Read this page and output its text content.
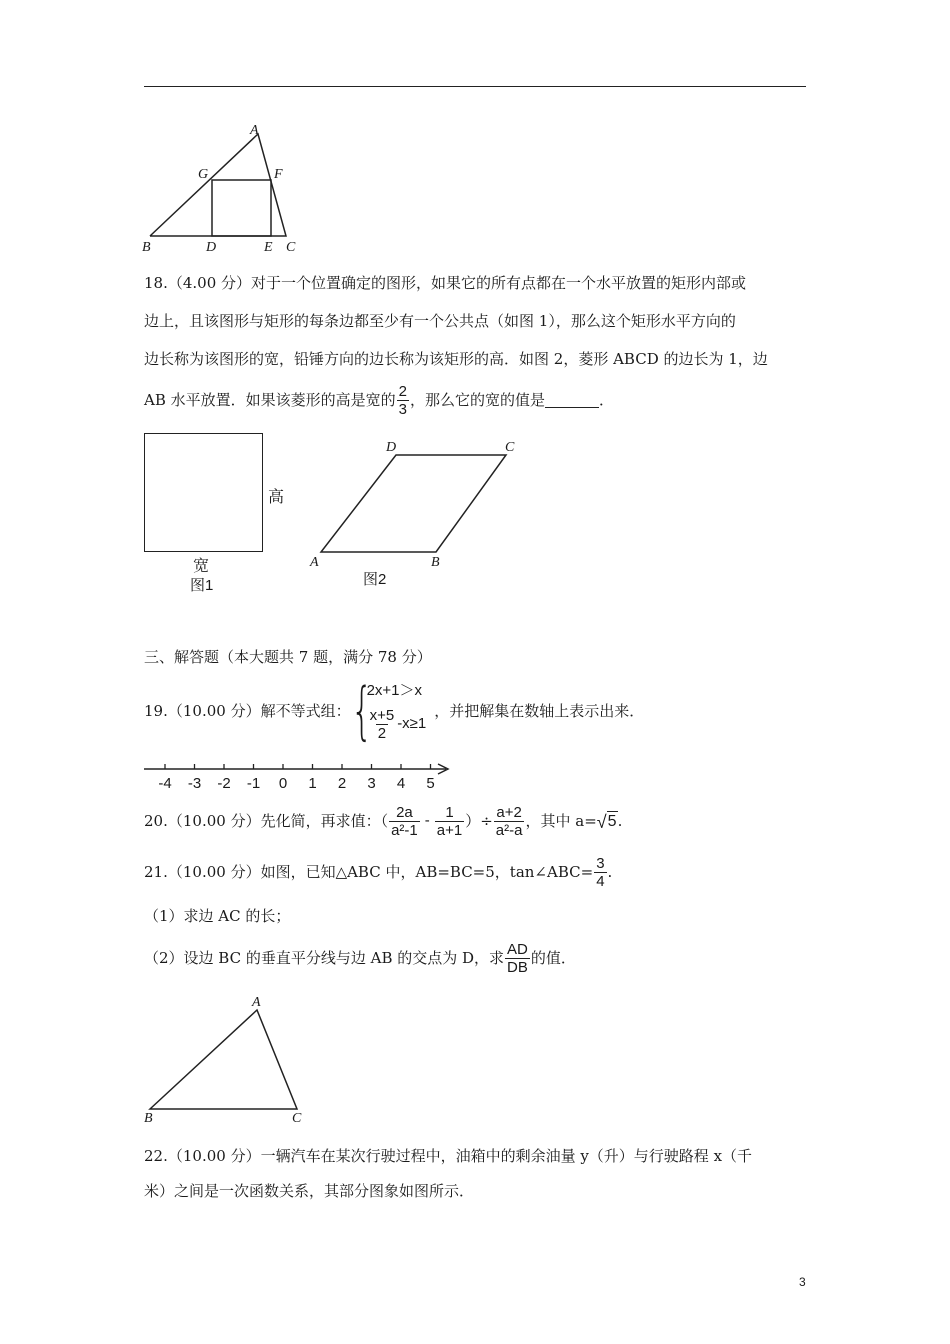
A
G	F
B	D	E C
18.（4.00 分）对于一个位置确定的图形，如果它的所有点都在一个水平放置的矩形内部或
边上，且该图形与矩形的每条边都至少有一个公共点（如图 1），那么这个矩形水平方向的
边长称为该图形的宽，铅锤方向的边长称为该矩形的高．如图 2，菱形 ABCD 的边长为 1，边
AB 水平放置．如果该菱形的高是宽的 $\frac{2}{3}$ ，那么它的宽的值是	．
高
宽
图1
D	C
A	B
图2
三、解答题（本大题共 7 题，满分 78 分）
19.（10.00 分）解不等式组： {
2x+1＞x
$\frac{x+5}{2} -x\ge 1$
，并把解集在数轴上表示出来．
-4 -3 -2 -1 0 1 2 3 4 5
20.（10.00 分）先化简，再求值：（ $\frac{2a}{\text{a²-1}} - \frac{1}{a+1}$ ）÷ $\frac{a+2}{\text{a²-a}}$ ，其中 a= √ 5 .
21.（10.00 分）如图，已知△ABC 中，AB=BC=5，tan∠ABC= $\frac{3}{4}$ .
（1）求边 AC 的长；
（2）设边 BC 的垂直平分线与边 AB 的交点为 D，求 $\frac{AD}{DB}$ 的值．
A
B	C
22.（10.00 分）一辆汽车在某次行驶过程中，油箱中的剩余油量 y（升）与行驶路程 x（千
米）之间是一次函数关系，其部分图象如图所示．
3
